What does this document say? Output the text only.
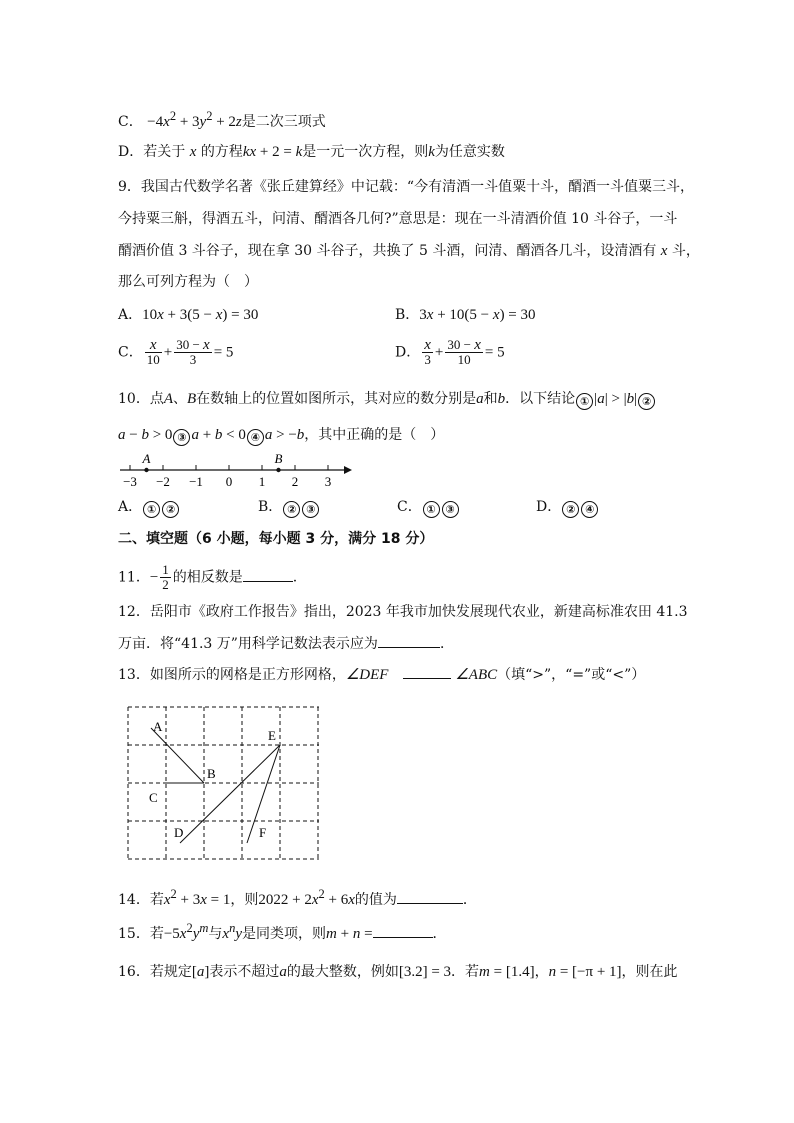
C． $-4x^2 + 3y^2 + 2z$是二次三项式
D．若关于 x 的方程kx + 2 = k是一元一次方程，则k为任意实数
9．我国古代数学名著《张丘建算经》中记载：“今有清酒一斗值粟十斗，醑酒一斗值粟三斗，
今持粟三斛，得酒五斗，问清、醑酒各几何?”意思是：现在一斗清酒价值 10 斗谷子，一斗
醑酒价值 3 斗谷子，现在拿 30 斗谷子，共换了 5 斗酒，问清、醑酒各几斗，设清酒有 x 斗，
那么可列方程为（　）
A．10x + 3(5 − x) = 30	B．3x + 10(5 − x) = 30
C． $\frac{x}{10} + \frac{30 - x}{3} = 5$	D． $\frac{x}{3} + \frac{30 - x}{10} = 5$
10．点A、B在数轴上的位置如图所示，其对应的数分别是a和b．以下结论 ① |a| > |b| ②
a − b > 0 ③ a + b < 0 ④ a > −b，其中正确的是（　）
−3 −2 −1 0 1 2 3
A	B
A． ① ②	B． ② ③	C． ① ③	D． ② ④
二、填空题（6 小题，每小题 3 分，满分 18 分）
11．− $\frac{1}{2}$ 的相反数是	.
12．岳阳市《政府工作报告》指出，2023 年我市加快发展现代农业，新建高标准农田 41.3
万亩．将“41.3 万”用科学记数法表示应为	．
13．如图所示的网格是正方形网格，∠DEF	∠ABC（填“>”，“=”或“<”）
A
B
C
D
E
F
14．若$x^2 + 3x = 1$，则$2022 + 2x^2 + 6x$的值为	．
15．若$-5x^2y^m$与$x^ny$是同类项，则m + n =	．
16．若规定[a]表示不超过a的最大整数，例如[3.2] = 3．若m = [1.4]，n = [−π + 1]，则在此
